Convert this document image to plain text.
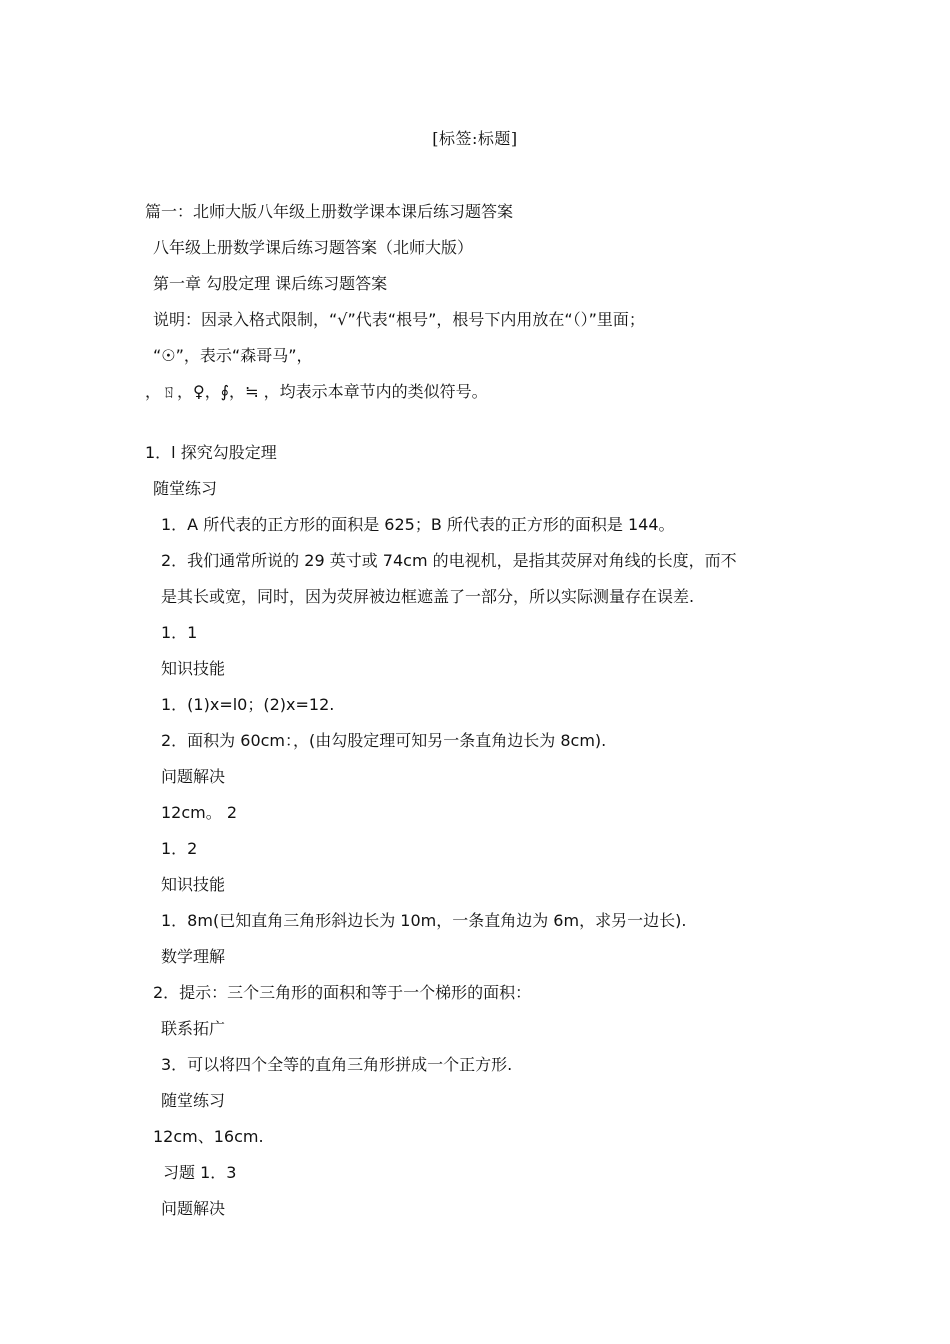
[标签:标题]
篇一：北师大版八年级上册数学课本课后练习题答案
八年级上册数学课后练习题答案（北师大版）
第一章 勾股定理 课后练习题答案
说明：因录入格式限制，“√”代表“根号”，根号下内用放在“（）”里面；
“☉”，表示“森哥马”，
，ㄖ，♀，∮，≒ ，均表示本章节内的类似符号。
1．l 探究勾股定理
随堂练习
1．A 所代表的正方形的面积是 625；B 所代表的正方形的面积是 144。
2．我们通常所说的 29 英寸或 74cm 的电视机，是指其荧屏对角线的长度，而不
是其长或宽，同时，因为荧屏被边框遮盖了一部分，所以实际测量存在误差.
1．1
知识技能
1．(1)x=l0；(2)x=12.
2．面积为 60cm：，(由勾股定理可知另一条直角边长为 8cm).
问题解决
12cm。 2
1．2
知识技能
1．8m(已知直角三角形斜边长为 10m，一条直角边为 6m，求另一边长).
数学理解
2．提示：三个三角形的面积和等于一个梯形的面积：
联系拓广
3．可以将四个全等的直角三角形拼成一个正方形.
随堂练习
12cm、16cm.
习题 1．3
问题解决
